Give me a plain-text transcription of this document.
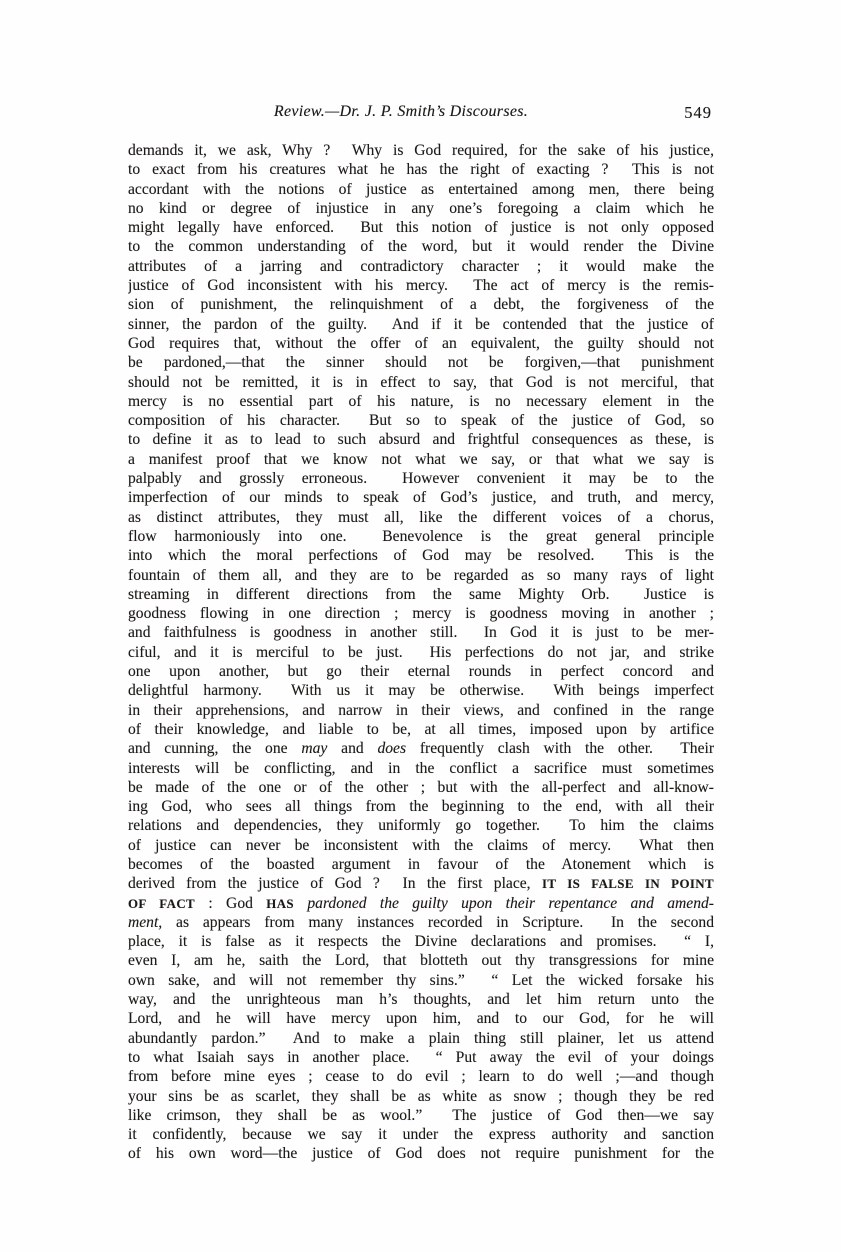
Review.—Dr. J. P. Smith’s Discourses.	549
demands it, we ask, Why ?  Why is God required, for the sake of his justice,
to exact from his creatures what he has the right of exacting ?  This is not
accordant with the notions of justice as entertained among men, there being
no kind or degree of injustice in any one’s foregoing a claim which he
might legally have enforced.  But this notion of justice is not only opposed
to the common understanding of the word, but it would render the Divine
attributes of a jarring and contradictory character ; it would make the
justice of God inconsistent with his mercy.  The act of mercy is the remis-
sion of punishment, the relinquishment of a debt, the forgiveness of the
sinner, the pardon of the guilty.  And if it be contended that the justice of
God requires that, without the offer of an equivalent, the guilty should not
be pardoned,—that the sinner should not be forgiven,—that punishment
should not be remitted, it is in effect to say, that God is not merciful, that
mercy is no essential part of his nature, is no necessary element in the
composition of his character.  But so to speak of the justice of God, so
to define it as to lead to such absurd and frightful consequences as these, is
a manifest proof that we know not what we say, or that what we say is
palpably and grossly erroneous.  However convenient it may be to the
imperfection of our minds to speak of God’s justice, and truth, and mercy,
as distinct attributes, they must all, like the different voices of a chorus,
flow harmoniously into one.  Benevolence is the great general principle
into which the moral perfections of God may be resolved.  This is the
fountain of them all, and they are to be regarded as so many rays of light
streaming in different directions from the same Mighty Orb.  Justice is
goodness flowing in one direction ; mercy is goodness moving in another ;
and faithfulness is goodness in another still.  In God it is just to be mer-
ciful, and it is merciful to be just.  His perfections do not jar, and strike
one upon another, but go their eternal rounds in perfect concord and
delightful harmony.  With us it may be otherwise.  With beings imperfect
in their apprehensions, and narrow in their views, and confined in the range
of their knowledge, and liable to be, at all times, imposed upon by artifice
and cunning, the one may and does frequently clash with the other.  Their
interests will be conflicting, and in the conflict a sacrifice must sometimes
be made of the one or of the other ; but with the all-perfect and all-know-
ing God, who sees all things from the beginning to the end, with all their
relations and dependencies, they uniformly go together.  To him the claims
of justice can never be inconsistent with the claims of mercy.  What then
becomes of the boasted argument in favour of the Atonement which is
derived from the justice of God ?  In the first place, IT IS FALSE IN POINT
OF FACT : God HAS pardoned the guilty upon their repentance and amend-
ment, as appears from many instances recorded in Scripture.  In the second
place, it is false as it respects the Divine declarations and promises.  “ I,
even I, am he, saith the Lord, that blotteth out thy transgressions for mine
own sake, and will not remember thy sins.”  “ Let the wicked forsake his
way, and the unrighteous man h’s thoughts, and let him return unto the
Lord, and he will have mercy upon him, and to our God, for he will
abundantly pardon.”  And to make a plain thing still plainer, let us attend
to what Isaiah says in another place.  “ Put away the evil of your doings
from before mine eyes ; cease to do evil ; learn to do well ;—and though
your sins be as scarlet, they shall be as white as snow ; though they be red
like crimson, they shall be as wool.”  The justice of God then—we say
it confidently, because we say it under the express authority and sanction
of his own word—the justice of God does not require punishment for the
